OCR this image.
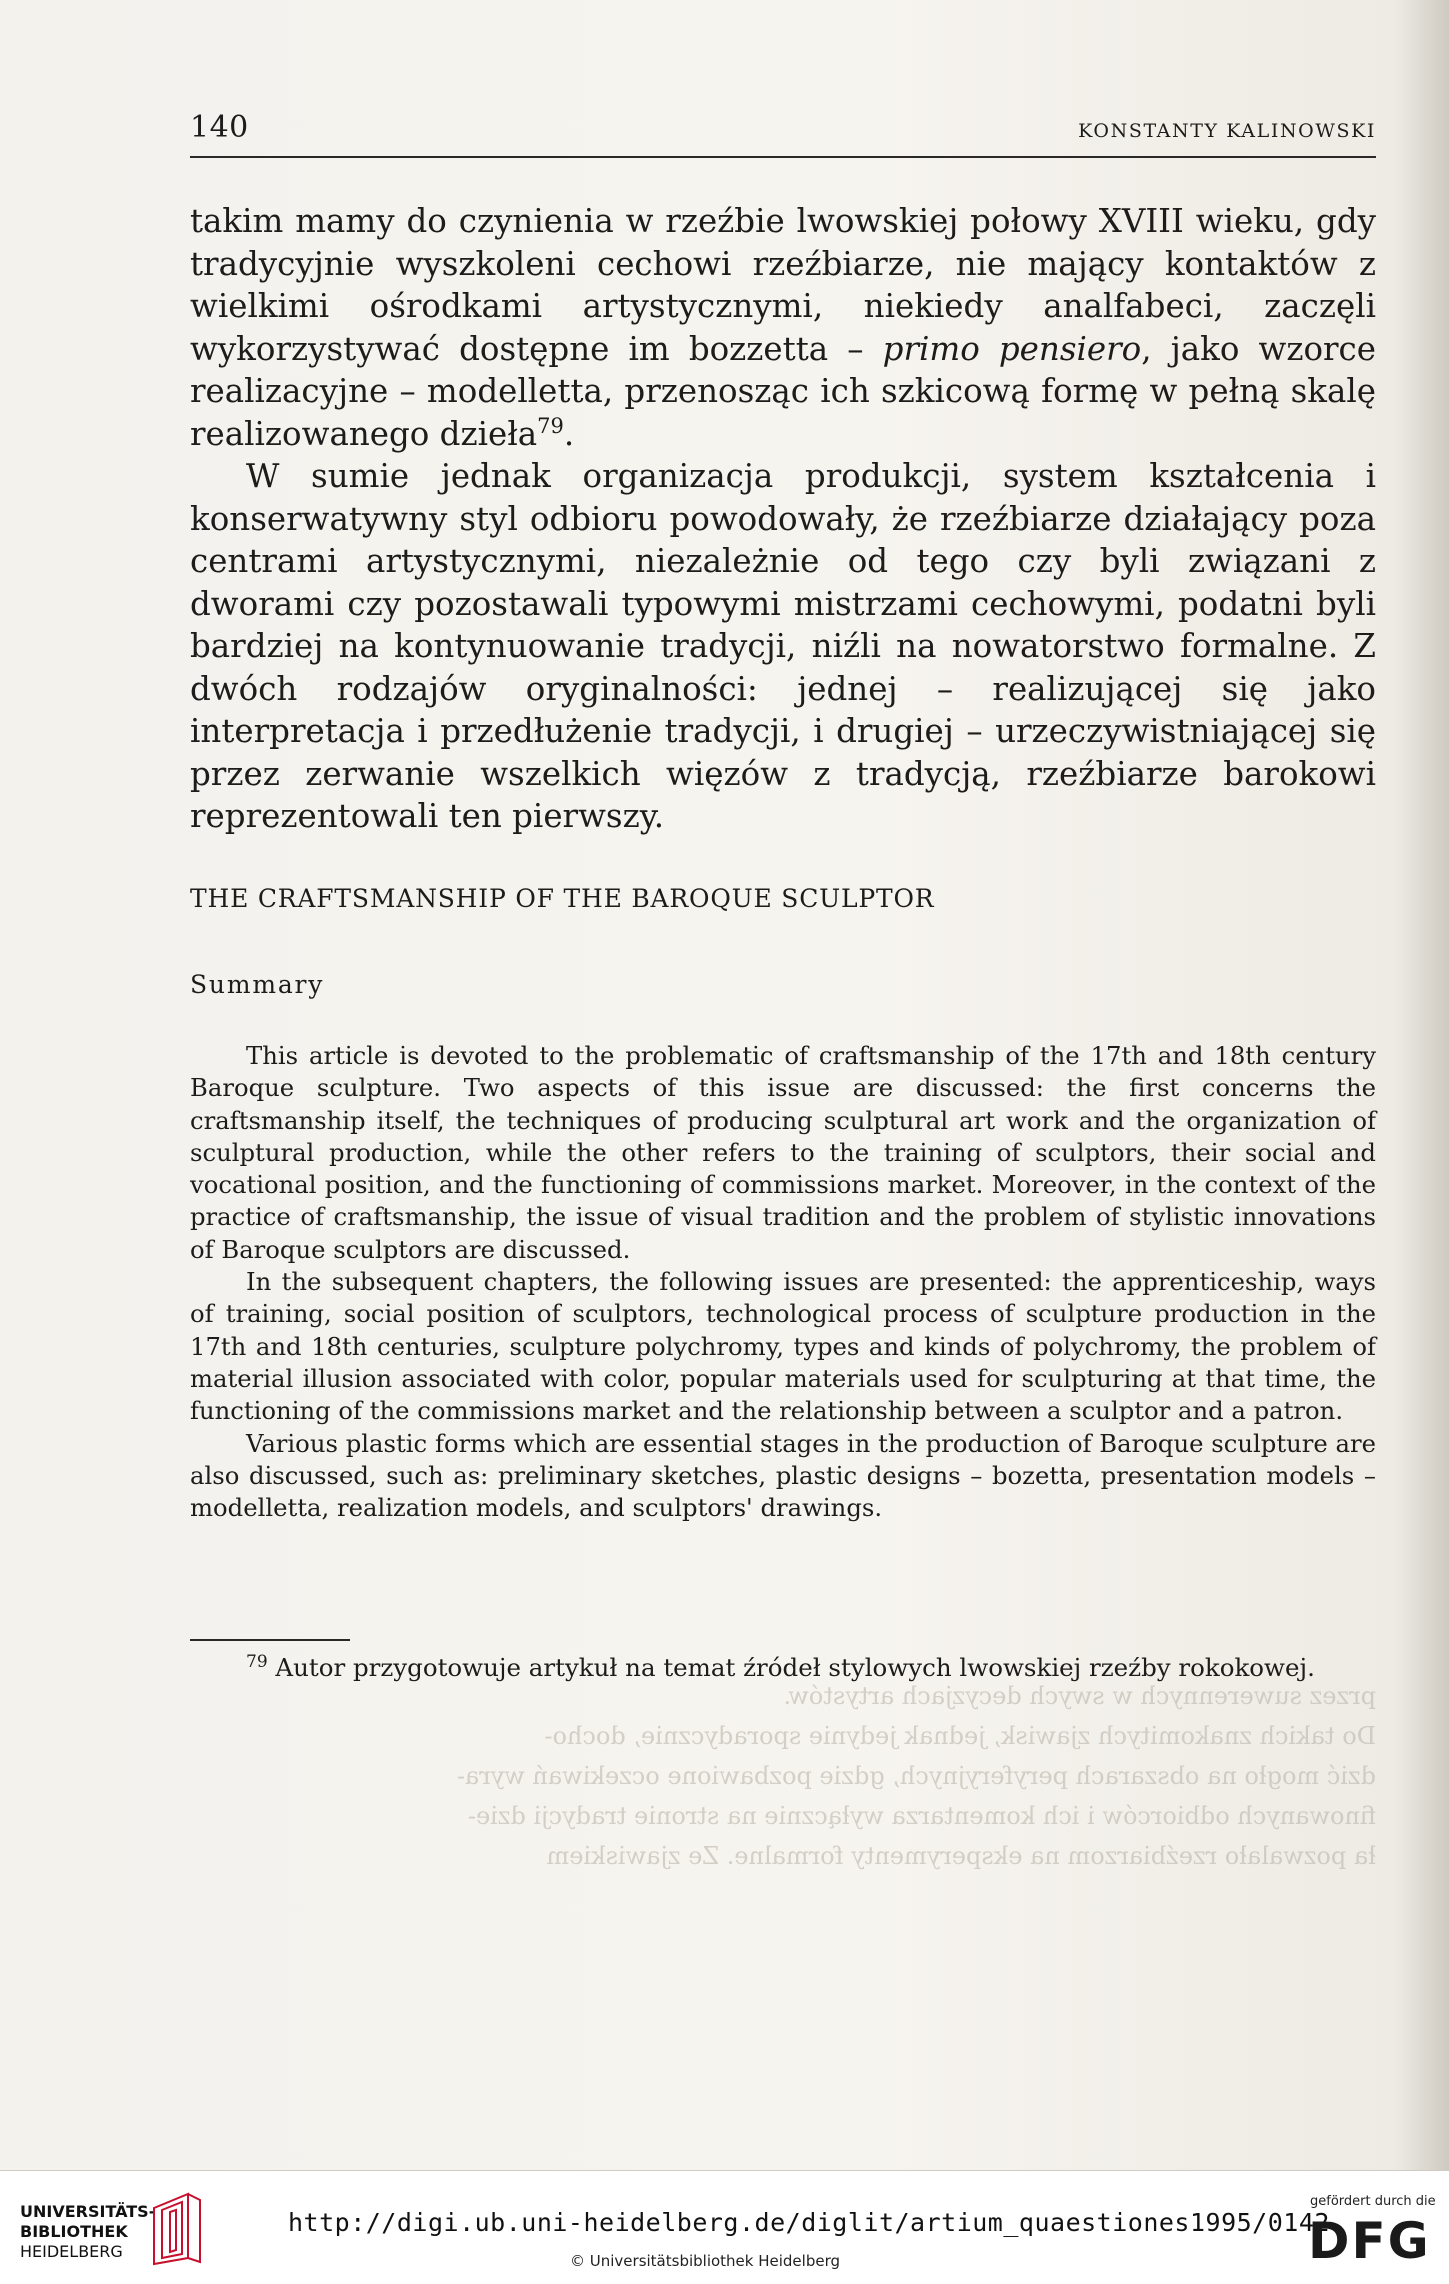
przez suwerennych w swych decyzjach artystów.
Do takich znakomitych zjawisk, jednak jedynie sporadycznie, docho-
dzić mogło na obszarach peryferyjnych, gdzie pozbawione oczekiwań wyra-
finowanych odbiorców i ich komentarza wyłącznie na stronie tradycji dzie-
ła pozwalało rzeźbiarzom na eksperymenty formalne. Ze zjawiskiem
140	KONSTANTY KALINOWSKI

takim mamy do czynienia w rzeźbie lwowskiej połowy XVIII wieku, gdy tradycyjnie wyszkoleni cechowi rzeźbiarze, nie mający kontaktów z wielkimi ośrodkami artystycznymi, niekiedy analfabeci, zaczęli wykorzystywać dostępne im bozzetta – primo pensiero, jako wzorce realizacyjne – modelletta, przenosząc ich szkicową formę w pełną skalę realizowanego dzieła$^{79}$.

W sumie jednak organizacja produkcji, system kształcenia i konserwatywny styl odbioru powodowały, że rzeźbiarze działający poza centrami artystycznymi, niezależnie od tego czy byli związani z dworami czy pozostawali typowymi mistrzami cechowymi, podatni byli bardziej na kontynuowanie tradycji, niźli na nowatorstwo formalne. Z dwóch rodzajów oryginalności: jednej – realizującej się jako interpretacja i przedłużenie tradycji, i drugiej – urzeczywistniającej się przez zerwanie wszelkich więzów z tradycją, rzeźbiarze barokowi reprezentowali ten pierwszy.

THE CRAFTSMANSHIP OF THE BAROQUE SCULPTOR
Summary

This article is devoted to the problematic of craftsmanship of the 17th and 18th century Baroque sculpture. Two aspects of this issue are discussed: the first concerns the craftsmanship itself, the techniques of producing sculptural art work and the organization of sculptural production, while the other refers to the training of sculptors, their social and vocational position, and the functioning of commissions market. Moreover, in the context of the practice of craftsmanship, the issue of visual tradition and the problem of stylistic innovations of Baroque sculptors are discussed.

In the subsequent chapters, the following issues are presented: the apprenticeship, ways of training, social position of sculptors, technological process of sculpture production in the 17th and 18th centuries, sculpture polychromy, types and kinds of polychromy, the problem of material illusion associated with color, popular materials used for sculpturing at that time, the functioning of the commissions market and the relationship between a sculptor and a patron.

Various plastic forms which are essential stages in the production of Baroque sculpture are also discussed, such as: preliminary sketches, plastic designs – bozetta, presentation models – modelletta, realization models, and sculptors' drawings.

$^{79}$ Autor przygotowuje artykuł na temat źródeł stylowych lwowskiej rzeźby rokokowej.
UNIVERSITÄTS-
BIBLIOTHEK
HEIDELBERG
http://digi.ub.uni-heidelberg.de/diglit/artium_quaestiones1995/0142
© Universitätsbibliothek Heidelberg
gefördert durch die
DFG
